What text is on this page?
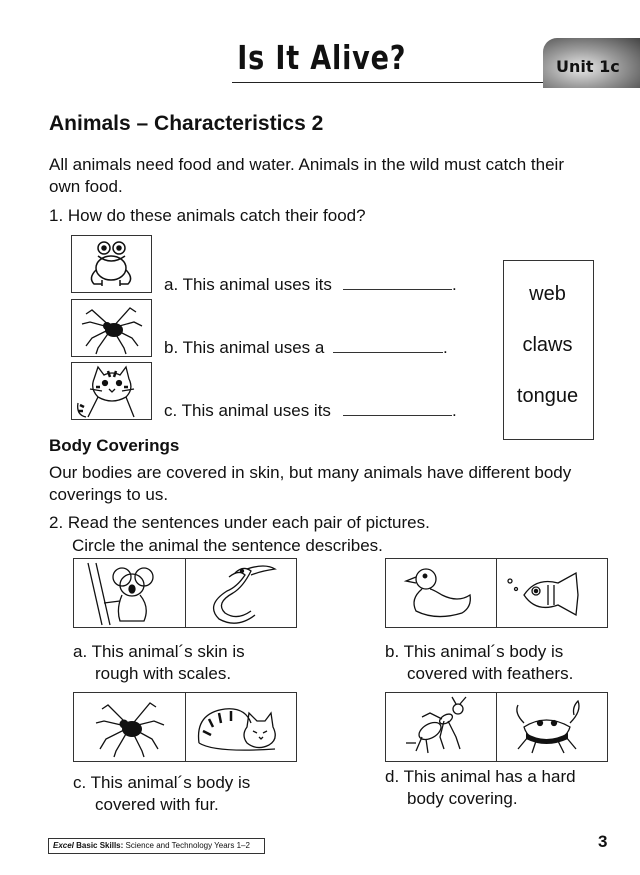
Is It Alive?	Unit 1c
Animals – Characteristics 2
All animals need food and water. Animals in the wild must catch their
own food.
1. How do these animals catch their food?
a. This animal uses its	.
b. This animal uses a	.
c. This animal uses its	.
web
claws
tongue
Body Coverings
Our bodies are covered in skin, but many animals have different body
coverings to us.
2. Read the sentences under each pair of pictures.
Circle the animal the sentence describes.
a. This animal´s skin is
rough with scales.
b. This animal´s body is
covered with feathers.
c. This animal´s body is
covered with fur.
d. This animal has a hard
body covering.
Excel Basic Skills: Science and Technology Years 1–2	3
